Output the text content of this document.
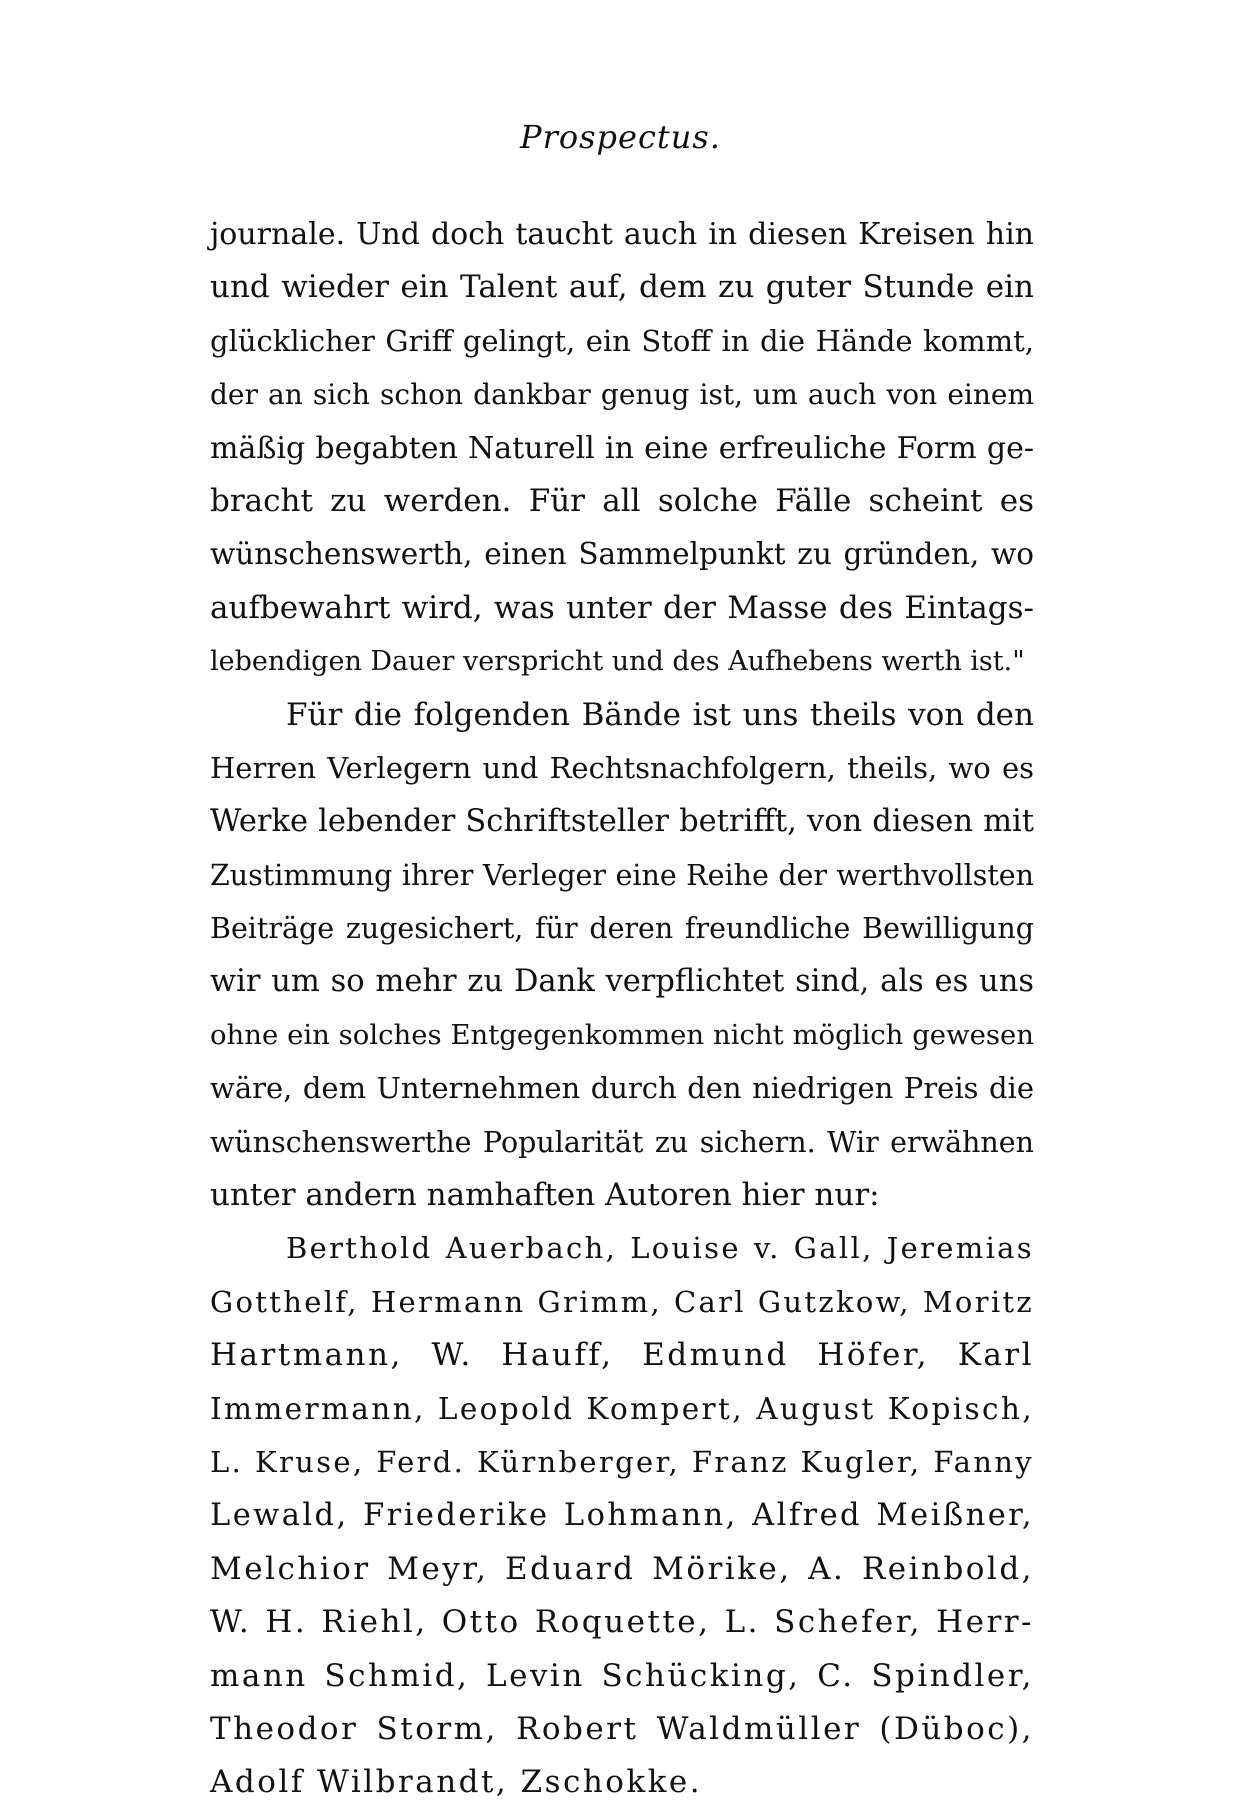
Prospectus.
journale. Und doch taucht auch in diesen Kreisen hin
und wieder ein Talent auf, dem zu guter Stunde ein
glücklicher Griff gelingt, ein Stoff in die Hände kommt,
der an sich schon dankbar genug ist, um auch von einem
mäßig begabten Naturell in eine erfreuliche Form ge-
bracht zu werden. Für all solche Fälle scheint es
wünschenswerth, einen Sammelpunkt zu gründen, wo
aufbewahrt wird, was unter der Masse des Eintags-
lebendigen Dauer verspricht und des Aufhebens werth ist."
Für die folgenden Bände ist uns theils von den
Herren Verlegern und Rechtsnachfolgern, theils, wo es
Werke lebender Schriftsteller betrifft, von diesen mit
Zustimmung ihrer Verleger eine Reihe der werthvollsten
Beiträge zugesichert, für deren freundliche Bewilligung
wir um so mehr zu Dank verpflichtet sind, als es uns
ohne ein solches Entgegenkommen nicht möglich gewesen
wäre, dem Unternehmen durch den niedrigen Preis die
wünschenswerthe Popularität zu sichern. Wir erwähnen
unter andern namhaften Autoren hier nur:
Berthold Auerbach, Louise v. Gall, Jeremias
Gotthelf, Hermann Grimm, Carl Gutzkow, Moritz
Hartmann, W. Hauff, Edmund Höfer, Karl
Immermann, Leopold Kompert, August Kopisch,
L. Kruse, Ferd. Kürnberger, Franz Kugler, Fanny
Lewald, Friederike Lohmann, Alfred Meißner,
Melchior Meyr, Eduard Mörike, A. Reinbold,
W. H. Riehl, Otto Roquette, L. Schefer, Herr-
mann Schmid, Levin Schücking, C. Spindler,
Theodor Storm, Robert Waldmüller (Düboc),
Adolf Wilbrandt, Zschokke.
